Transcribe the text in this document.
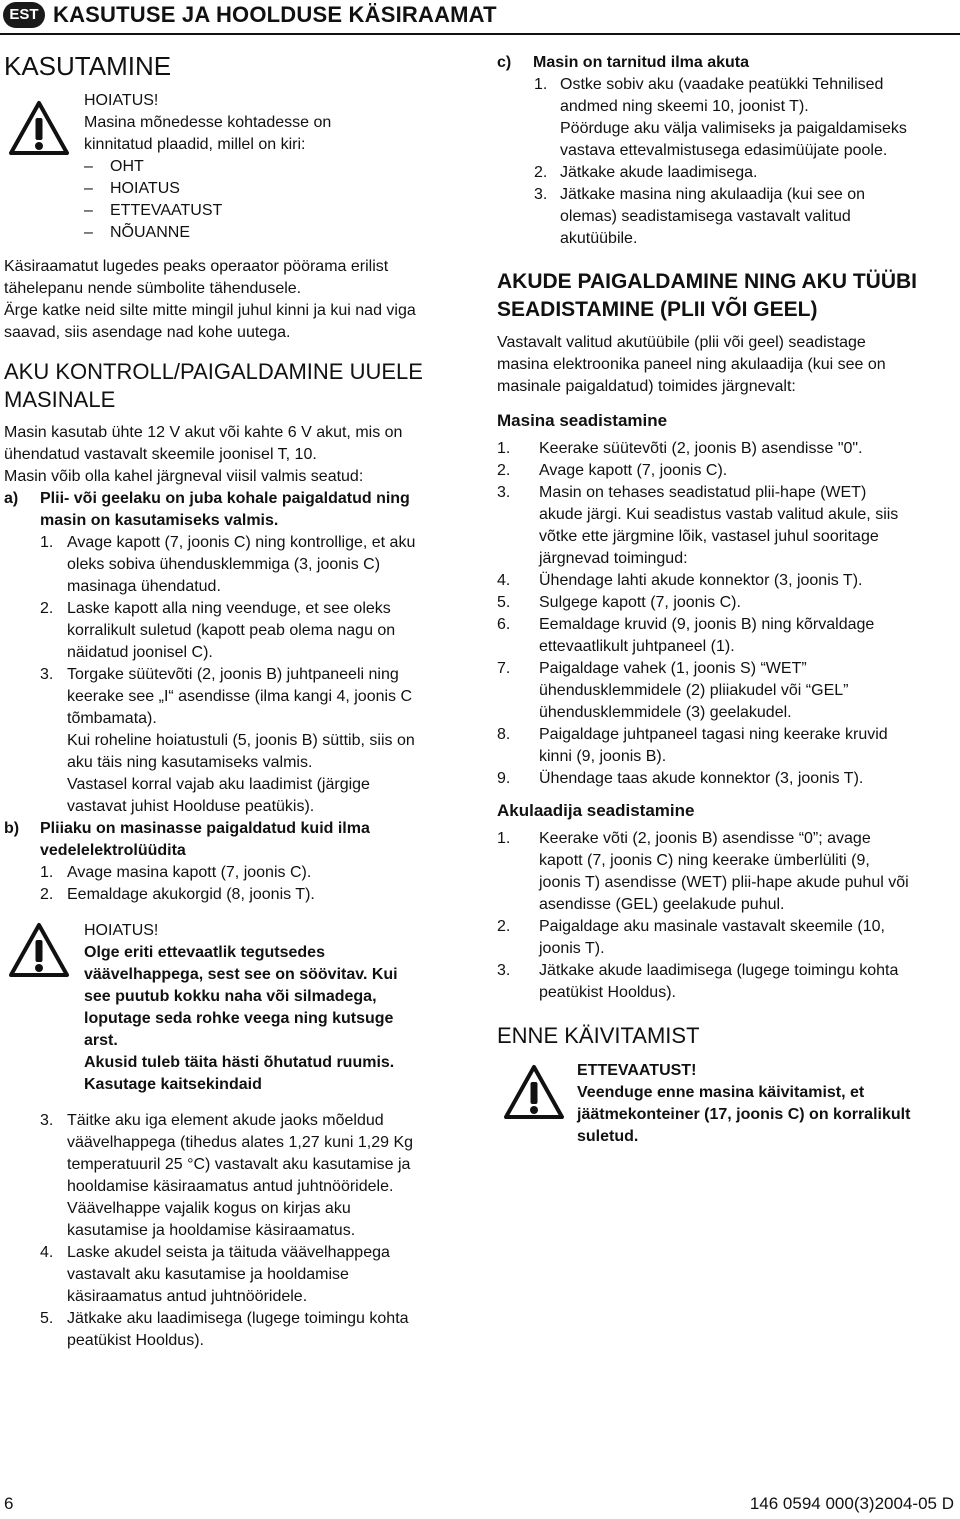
EST KASUTUSE JA HOOLDUSE KÄSIRAAMAT
KASUTAMINE
HOIATUS!
Masina mõnedesse kohtadesse on
kinnitatud plaadid, millel on kiri:
–	OHT
–	HOIATUS
–	ETTEVAATUST
–	NÕUANNE
Käsiraamatut lugedes peaks operaator pöörama erilist
tähelepanu nende sümbolite tähendusele.
Ärge katke neid silte mitte mingil juhul kinni ja kui nad viga
saavad, siis asendage nad kohe uutega.
AKU KONTROLL/PAIGALDAMINE UUELE
MASINALE
Masin kasutab ühte 12 V akut või kahte 6 V akut, mis on
ühendatud vastavalt skeemile joonisel T, 10.
Masin võib olla kahel järgneval viisil valmis seatud:
a)	Plii- või geelaku on juba kohale paigaldatud ning
masin on kasutamiseks valmis.
1. Avage kapott (7, joonis C) ning kontrollige, et aku
oleks sobiva ühendusklemmiga (3, joonis C)
masinaga ühendatud.
2. Laske kapott alla ning veenduge, et see oleks
korralikult suletud (kapott peab olema nagu on
näidatud joonisel C).
3. Torgake süütevõti (2, joonis B) juhtpaneeli ning
keerake see „I“ asendisse (ilma kangi 4, joonis C
tõmbamata).
Kui roheline hoiatustuli (5, joonis B) süttib, siis on
aku täis ning kasutamiseks valmis.
Vastasel korral vajab aku laadimist (järgige
vastavat juhist Hoolduse peatükis).
b)	Pliiaku on masinasse paigaldatud kuid ilma
vedelelektrolüüdita
1. Avage masina kapott (7, joonis C).
2. Eemaldage akukorgid (8, joonis T).
HOIATUS!
Olge eriti ettevaatlik tegutsedes
väävelhappega, sest see on söövitav. Kui
see puutub kokku naha või silmadega,
loputage seda rohke veega ning kutsuge
arst.
Akusid tuleb täita hästi õhutatud ruumis.
Kasutage kaitsekindaid
3. Täitke aku iga element akude jaoks mõeldud
väävelhappega (tihedus alates 1,27 kuni 1,29 Kg
temperatuuril 25 °C) vastavalt aku kasutamise ja
hooldamise käsiraamatus antud juhtnööridele.
Väävelhappe vajalik kogus on kirjas aku
kasutamise ja hooldamise käsiraamatus.
4. Laske akudel seista ja täituda väävelhappega
vastavalt aku kasutamise ja hooldamise
käsiraamatus antud juhtnööridele.
5. Jätkake aku laadimisega (lugege toimingu kohta
peatükist Hooldus).
c)	Masin on tarnitud ilma akuta
1. Ostke sobiv aku (vaadake peatükki Tehnilised
andmed ning skeemi 10, joonist T).
Pöörduge aku välja valimiseks ja paigaldamiseks
vastava ettevalmistusega edasimüüjate poole.
2. Jätkake akude laadimisega.
3. Jätkake masina ning akulaadija (kui see on
olemas) seadistamisega vastavalt valitud
akutüübile.
AKUDE PAIGALDAMINE NING AKU TÜÜBI
SEADISTAMINE (PLII VÕI GEEL)
Vastavalt valitud akutüübile (plii või geel) seadistage
masina elektroonika paneel ning akulaadija (kui see on
masinale paigaldatud) toimides järgnevalt:
Masina seadistamine
1.	Keerake süütevõti (2, joonis B) asendisse "0".
2.	Avage kapott (7, joonis C).
3.	Masin on tehases seadistatud plii-hape (WET)
akude järgi. Kui seadistus vastab valitud akule, siis
võtke ette järgmine lõik, vastasel juhul sooritage
järgnevad toimingud:
4.	Ühendage lahti akude konnektor (3, joonis T).
5.	Sulgege kapott (7, joonis C).
6.	Eemaldage kruvid (9, joonis B) ning kõrvaldage
ettevaatlikult juhtpaneel (1).
7.	Paigaldage vahek (1, joonis S) “WET”
ühendusklemmidele (2) pliiakudel või “GEL”
ühendusklemmidele (3) geelakudel.
8.	Paigaldage juhtpaneel tagasi ning keerake kruvid
kinni (9, joonis B).
9.	Ühendage taas akude konnektor (3, joonis T).
Akulaadija seadistamine
1.	Keerake võti (2, joonis B) asendisse “0”; avage
kapott (7, joonis C) ning keerake ümberlüliti (9,
joonis T) asendisse (WET) plii-hape akude puhul või
asendisse (GEL) geelakude puhul.
2.	Paigaldage aku masinale vastavalt skeemile (10,
joonis T).
3.	Jätkake akude laadimisega (lugege toimingu kohta
peatükist Hooldus).
ENNE KÄIVITAMIST
ETTEVAATUST!
Veenduge enne masina käivitamist, et
jäätmekonteiner (17, joonis C) on korralikult
suletud.
6	146 0594 000(3)2004-05 D
